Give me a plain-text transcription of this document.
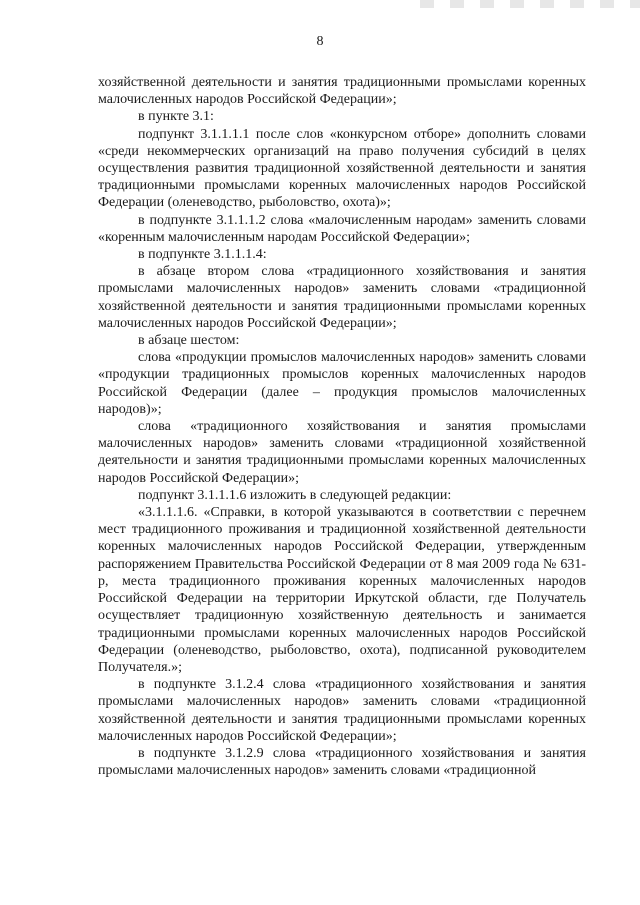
8

хозяйственной деятельности и занятия традиционными промыслами коренных малочисленных народов Российской Федерации»;

в пункте 3.1:

подпункт 3.1.1.1.1 после слов «конкурсном отборе» дополнить словами «среди некоммерческих организаций на право получения субсидий в целях осуществления развития традиционной хозяйственной деятельности и занятия традиционными промыслами коренных малочисленных народов Российской Федерации (оленеводство, рыболовство, охота)»;

в подпункте 3.1.1.1.2 слова «малочисленным народам» заменить словами «коренным малочисленным народам Российской Федерации»;

в подпункте 3.1.1.1.4:

в абзаце втором слова «традиционного хозяйствования и занятия промыслами малочисленных народов» заменить словами «традиционной хозяйственной деятельности и занятия традиционными промыслами коренных малочисленных народов Российской Федерации»;

в абзаце шестом:

слова «продукции промыслов малочисленных народов» заменить словами «продукции традиционных промыслов коренных малочисленных народов Российской Федерации (далее – продукция промыслов малочисленных народов)»;

слова «традиционного хозяйствования и занятия промыслами малочисленных народов» заменить словами «традиционной хозяйственной деятельности и занятия традиционными промыслами коренных малочисленных народов Российской Федерации»;

подпункт 3.1.1.1.6 изложить в следующей редакции:

«3.1.1.1.6. «Справки, в которой указываются в соответствии с перечнем мест традиционного проживания и традиционной хозяйственной деятельности коренных малочисленных народов Российской Федерации, утвержденным распоряжением Правительства Российской Федерации от 8 мая 2009 года № 631-р, места традиционного проживания коренных малочисленных народов Российской Федерации на территории Иркутской области, где Получатель осуществляет традиционную хозяйственную деятельность и занимается традиционными промыслами коренных малочисленных народов Российской Федерации (оленеводство, рыболовство, охота), подписанной руководителем Получателя.»;

в подпункте 3.1.2.4 слова «традиционного хозяйствования и занятия промыслами малочисленных народов» заменить словами «традиционной хозяйственной деятельности и занятия традиционными промыслами коренных малочисленных народов Российской Федерации»;

в подпункте 3.1.2.9 слова «традиционного хозяйствования и занятия промыслами малочисленных народов» заменить словами «традиционной
